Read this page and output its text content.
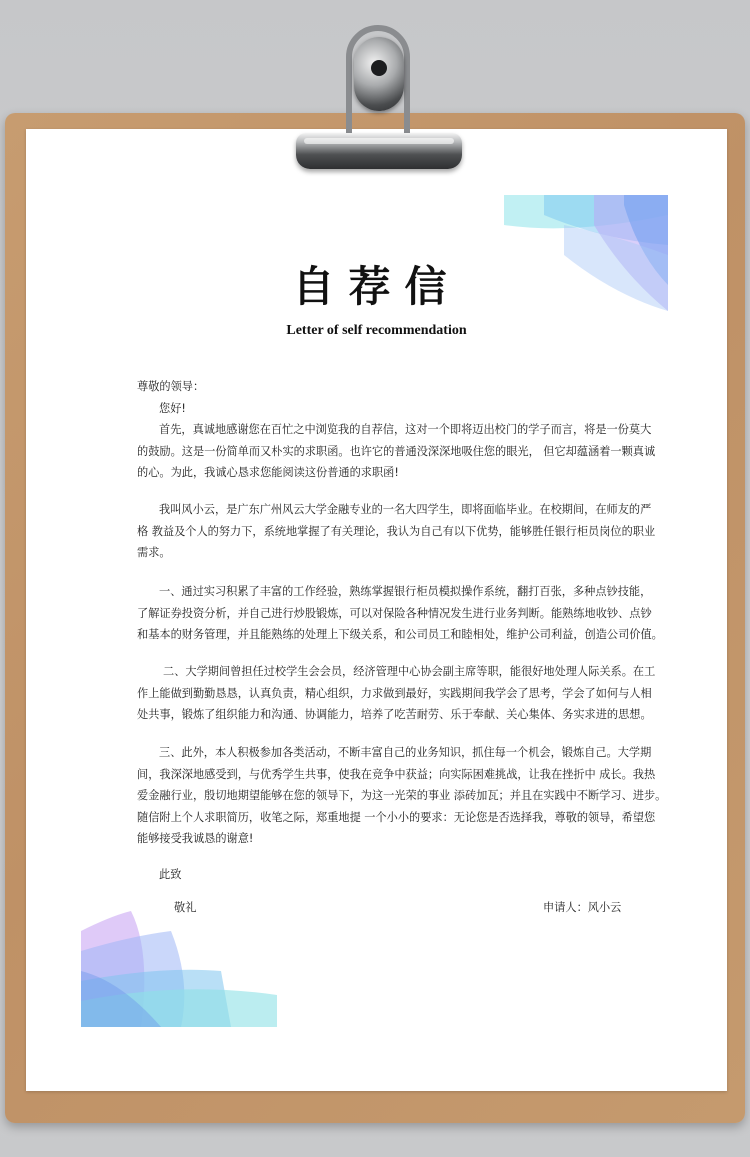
自荐信
Letter of self recommendation
尊敬的领导：
您好!
首先，真诚地感谢您在百忙之中浏览我的自荐信，这对一个即将迈出校门的学子而言，将是一份莫大
的鼓励。这是一份简单而又朴实的求职函。也许它的普通没深深地吸住您的眼光， 但它却蕴涵着一颗真诚
的心。为此，我诚心恳求您能阅读这份普通的求职函!
我叫风小云，是广东广州风云大学金融专业的一名大四学生，即将面临毕业。在校期间，在师友的严
格 教益及个人的努力下，系统地掌握了有关理论，我认为自己有以下优势，能够胜任银行柜员岗位的职业
需求。
一、通过实习积累了丰富的工作经验，熟练掌握银行柜员模拟操作系统，翻打百张，多种点钞技能，
了解证券投资分析，并自己进行炒股锻炼，可以对保险各种情况发生进行业务判断。能熟练地收钞、点钞
和基本的财务管理，并且能熟练的处理上下级关系，和公司员工和睦相处，维护公司利益，创造公司价值。
二、大学期间曾担任过校学生会会员，经济管理中心协会副主席等职，能很好地处理人际关系。在工
作上能做到勤勤恳恳，认真负责，精心组织，力求做到最好，实践期间我学会了思考，学会了如何与人相
处共事，锻炼了组织能力和沟通、协调能力，培养了吃苦耐劳、乐于奉献、关心集体、务实求进的思想。
三、此外，本人积极参加各类活动，不断丰富自己的业务知识，抓住每一个机会，锻炼自己。大学期
间，我深深地感受到，与优秀学生共事，使我在竞争中获益；向实际困难挑战，让我在挫折中 成长。我热
爱金融行业，殷切地期望能够在您的领导下，为这一光荣的事业 添砖加瓦；并且在实践中不断学习、进步。
随信附上个人求职简历，收笔之际，郑重地提 一个小小的要求：无论您是否选择我，尊敬的领导，希望您
能够接受我诚恳的谢意!
此致
敬礼	申请人：风小云
